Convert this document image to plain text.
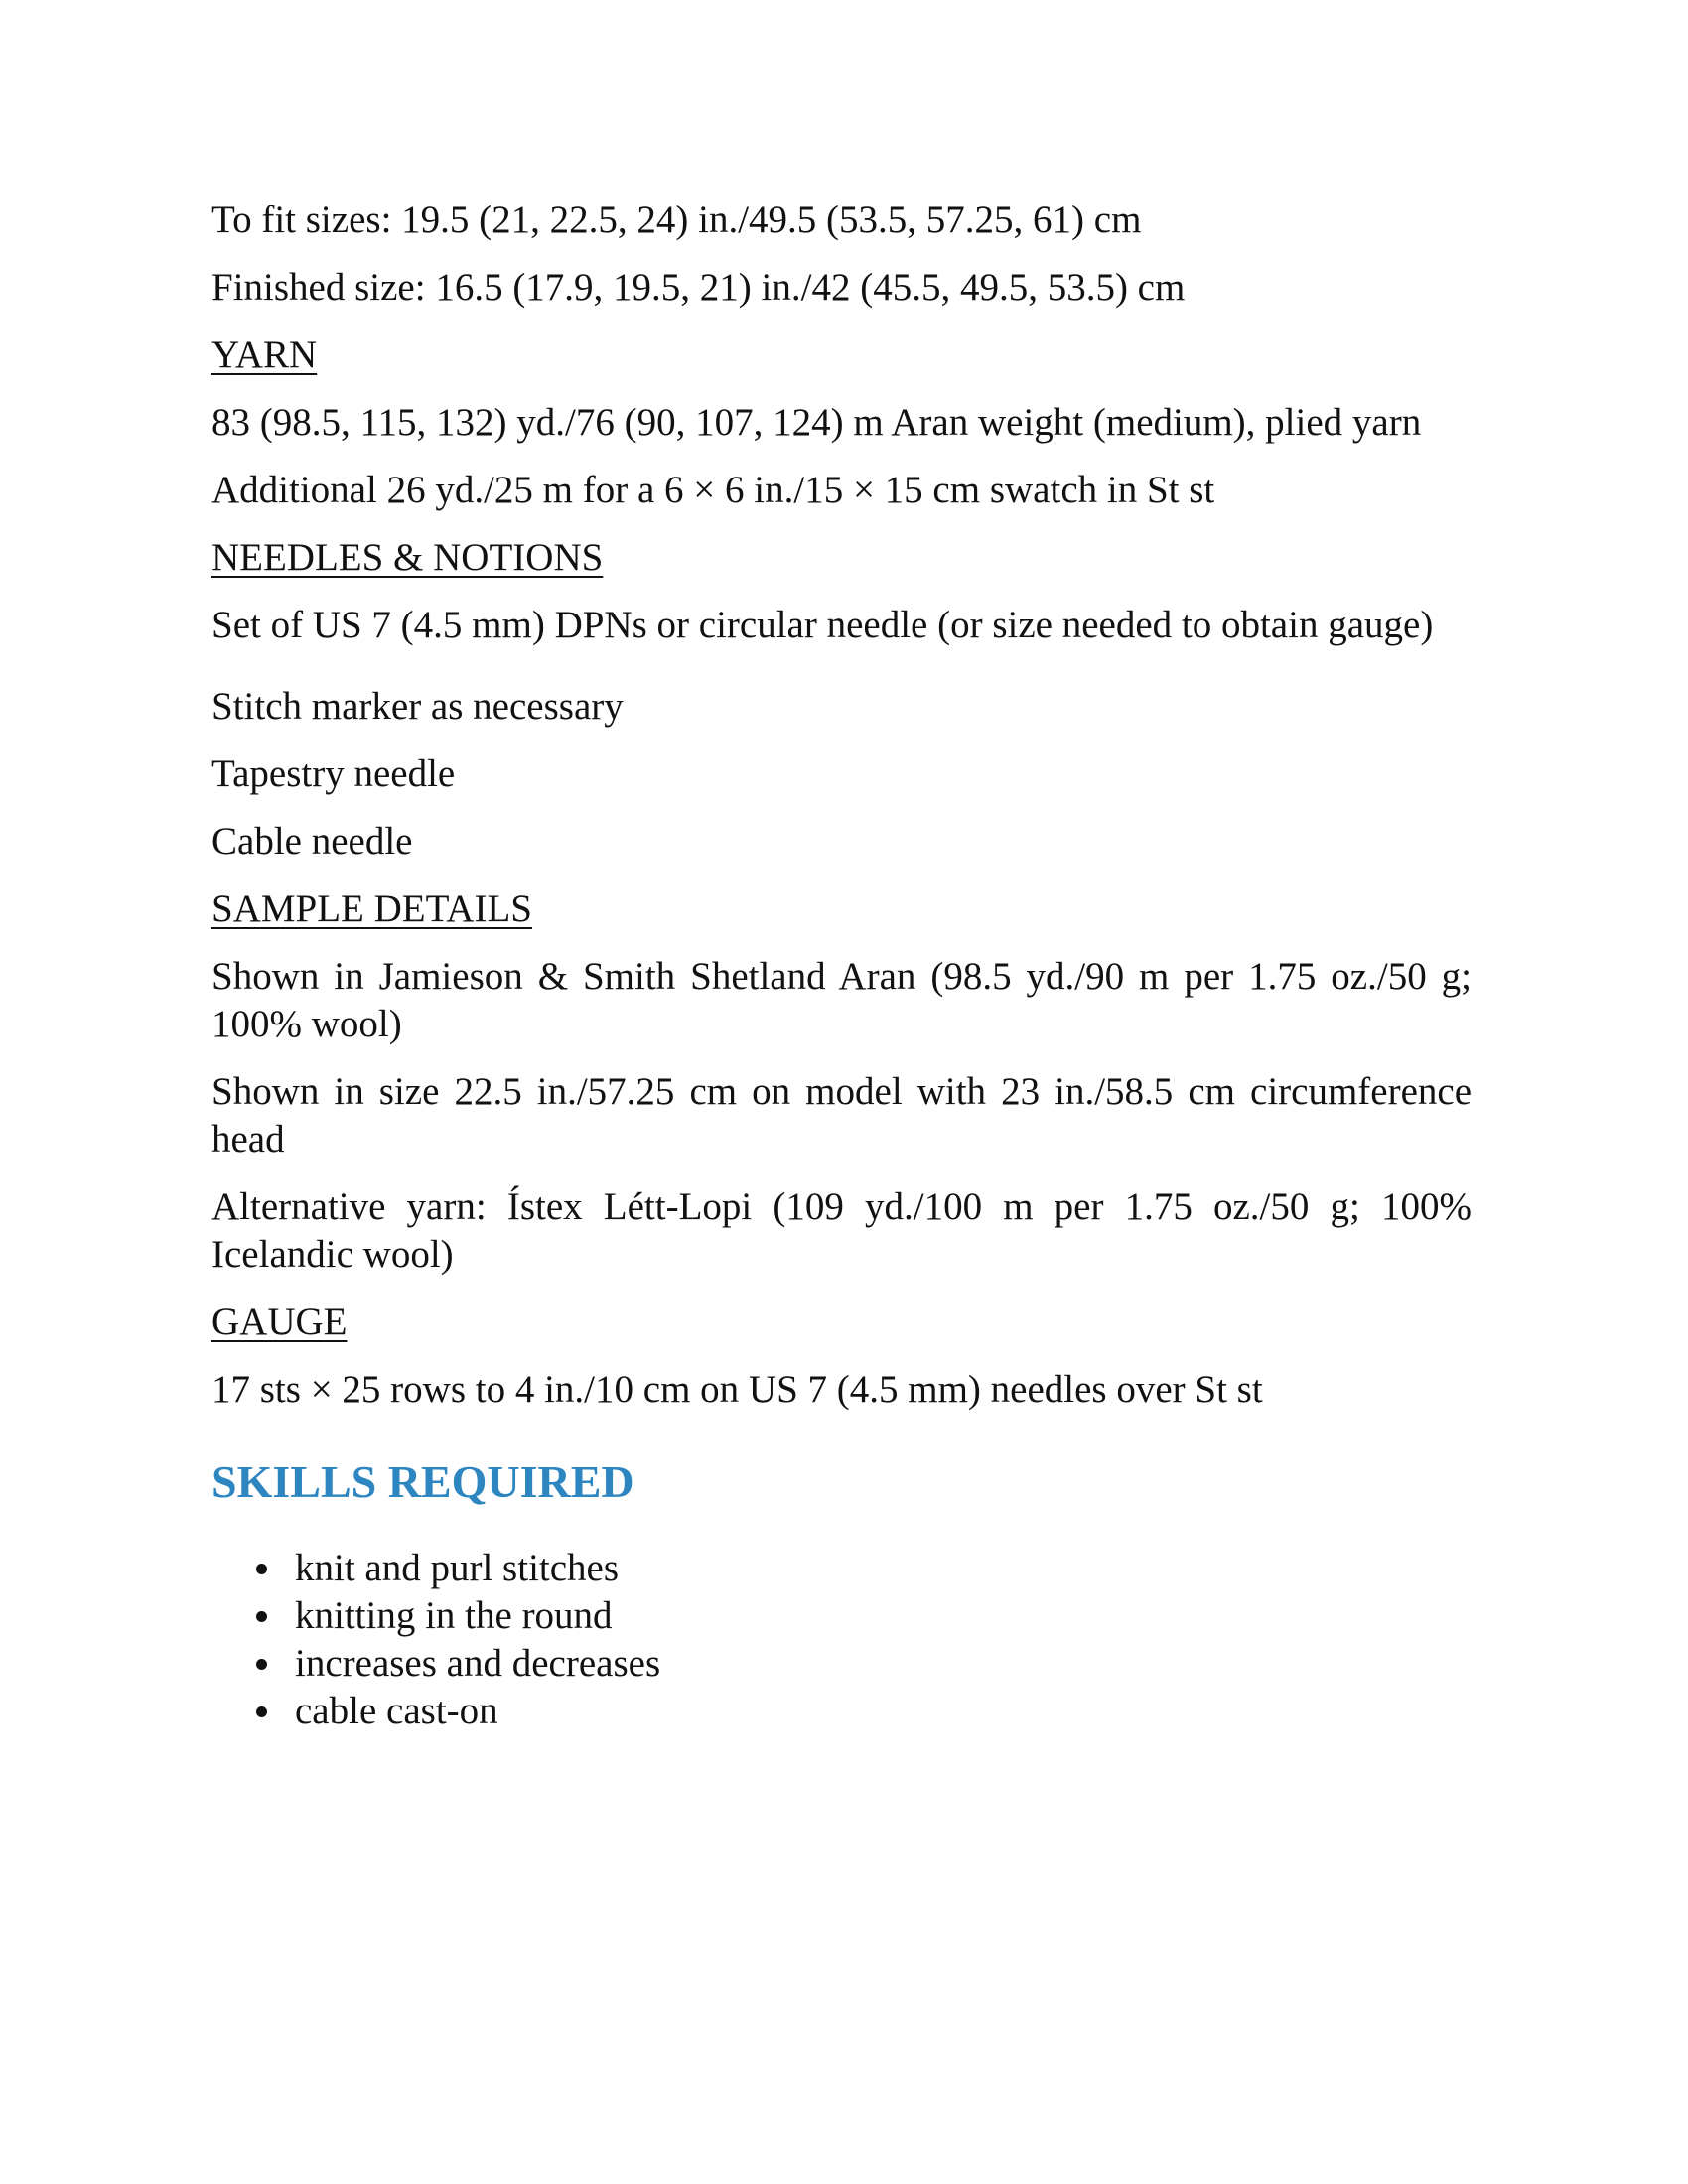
To fit sizes: 19.5 (21, 22.5, 24) in./49.5 (53.5, 57.25, 61) cm

Finished size: 16.5 (17.9, 19.5, 21) in./42 (45.5, 49.5, 53.5) cm

YARN

83 (98.5, 115, 132) yd./76 (90, 107, 124) m Aran weight (medium), plied yarn

Additional 26 yd./25 m for a 6 × 6 in./15 × 15 cm swatch in St st

NEEDLES & NOTIONS

Set of US 7 (4.5 mm) DPNs or circular needle (or size needed to obtain gauge)

Stitch marker as necessary

Tapestry needle

Cable needle

SAMPLE DETAILS

Shown in Jamieson & Smith Shetland Aran (98.5 yd./90 m per 1.75 oz./50 g; 100% wool)

Shown in size 22.5 in./57.25 cm on model with 23 in./58.5 cm circumference head

Alternative yarn: Ístex Létt-Lopi (109 yd./100 m per 1.75 oz./50 g; 100% Icelandic wool)

GAUGE

17 sts × 25 rows to 4 in./10 cm on US 7 (4.5 mm) needles over St st

SKILLS REQUIRED
knit and purl stitches
knitting in the round
increases and decreases
cable cast-on
